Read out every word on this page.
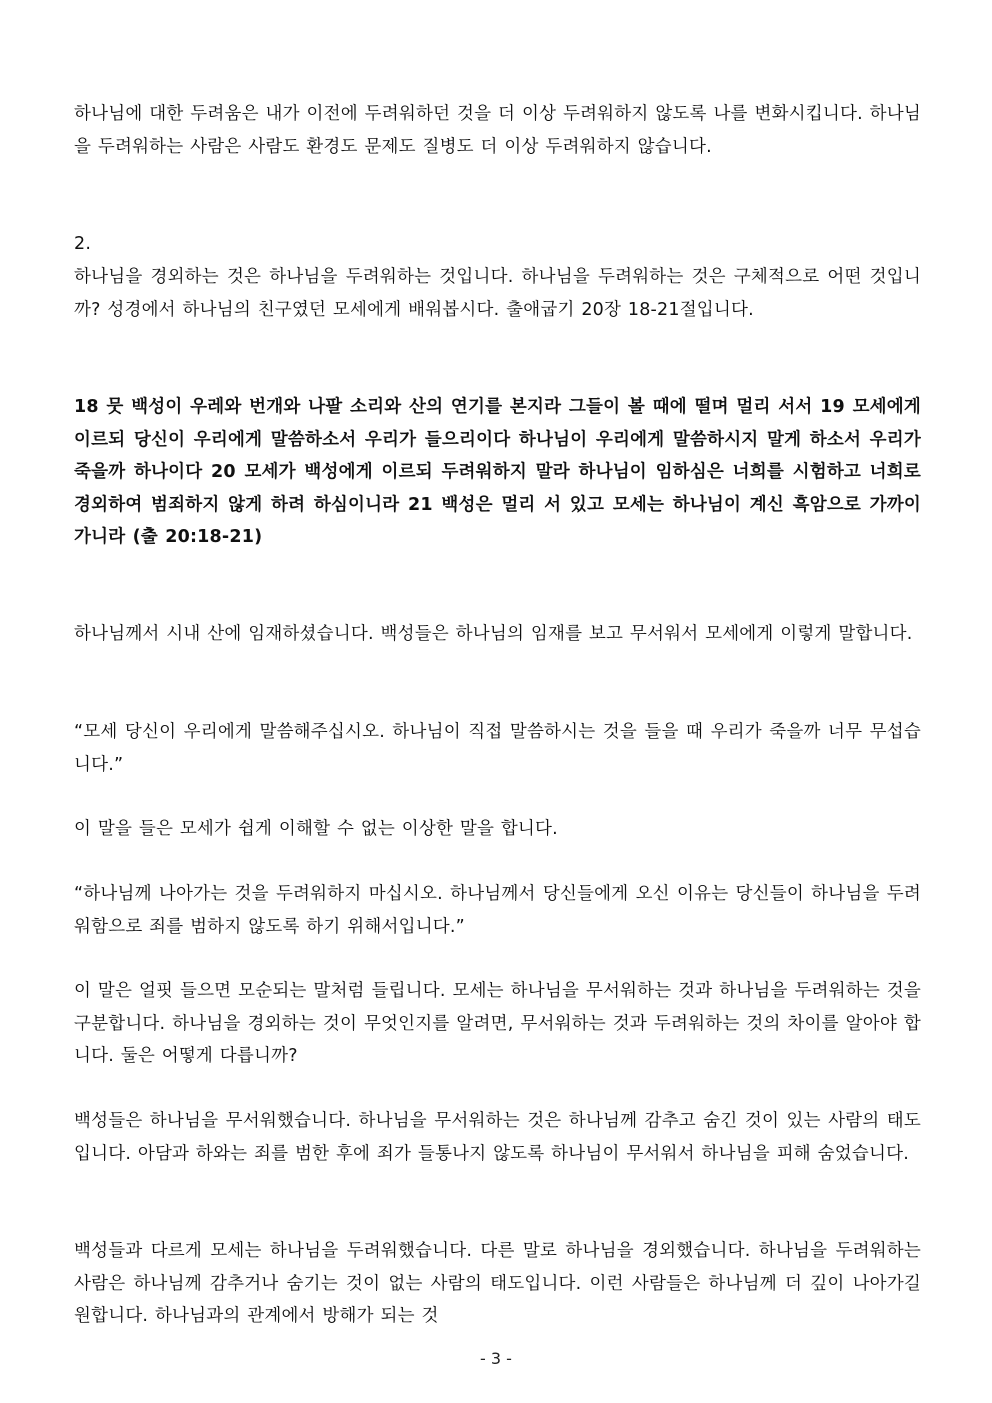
하나님에 대한 두려움은 내가 이전에 두려워하던 것을 더 이상 두려워하지 않도록 나를 변화시킵니다. 하나님을 두려워하는 사람은 사람도 환경도 문제도 질병도 더 이상 두려워하지 않습니다.

2.

하나님을 경외하는 것은 하나님을 두려워하는 것입니다. 하나님을 두려워하는 것은 구체적으로 어떤 것입니까? 성경에서 하나님의 친구였던 모세에게 배워봅시다. 출애굽기 20장 18-21절입니다.

18 뭇 백성이 우레와 번개와 나팔 소리와 산의 연기를 본지라 그들이 볼 때에 떨며 멀리 서서 19 모세에게 이르되 당신이 우리에게 말씀하소서 우리가 들으리이다 하나님이 우리에게 말씀하시지 말게 하소서 우리가 죽을까 하나이다 20 모세가 백성에게 이르되 두려워하지 말라 하나님이 임하심은 너희를 시험하고 너희로 경외하여 범죄하지 않게 하려 하심이니라 21 백성은 멀리 서 있고 모세는 하나님이 계신 흑암으로 가까이 가니라 (출 20:18-21)

하나님께서 시내 산에 임재하셨습니다. 백성들은 하나님의 임재를 보고 무서워서 모세에게 이렇게 말합니다.

“모세 당신이 우리에게 말씀해주십시오. 하나님이 직접 말씀하시는 것을 들을 때 우리가 죽을까 너무 무섭습니다.”

이 말을 들은 모세가 쉽게 이해할 수 없는 이상한 말을 합니다.

“하나님께 나아가는 것을 두려워하지 마십시오. 하나님께서 당신들에게 오신 이유는 당신들이 하나님을 두려워함으로 죄를 범하지 않도록 하기 위해서입니다.”

이 말은 얼핏 들으면 모순되는 말처럼 들립니다. 모세는 하나님을 무서워하는 것과 하나님을 두려워하는 것을 구분합니다. 하나님을 경외하는 것이 무엇인지를 알려면, 무서워하는 것과 두려워하는 것의 차이를 알아야 합니다. 둘은 어떻게 다릅니까?

백성들은 하나님을 무서워했습니다. 하나님을 무서워하는 것은 하나님께 감추고 숨긴 것이 있는 사람의 태도입니다. 아담과 하와는 죄를 범한 후에 죄가 들통나지 않도록 하나님이 무서워서 하나님을 피해 숨었습니다.

백성들과 다르게 모세는 하나님을 두려워했습니다. 다른 말로 하나님을 경외했습니다. 하나님을 두려워하는 사람은 하나님께 감추거나 숨기는 것이 없는 사람의 태도입니다. 이런 사람들은 하나님께 더 깊이 나아가길 원합니다. 하나님과의 관계에서 방해가 되는 것

- 3 -
